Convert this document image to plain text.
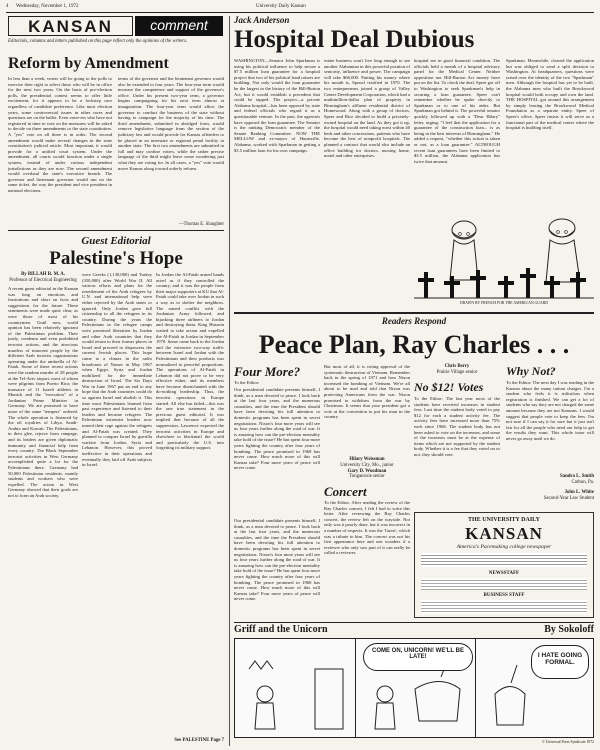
4 Wednesday, November 1, 1972	University Daily Kansan
KANSAN	comment
Editorials, columns and letters published on this page reflect only the opinions of the writers.
Reform by Amendment
In less than a week, voters will be going to the polls to exercise their right to select those who will be in office for the next two years. On the basis of pre-election polls, the presidential contest seems to offer little excitement, for it appears to be a lockstep race regardless of candidate preference. Like most election years, some controversial issues in other races and questions are on the ballot. Even voter-ers who have not registered in time to vote on the measures will be asked to decide on three amendments to the state constitution. A "yes" vote on all three is in order. The second amendment would make several changes in the state constitution's judicial article. Most important, it would provide for a unified court system. Under the amendment, all courts would function under a single system, instead of under various independent jurisdictions as they are now. The second amendment would overhaul the state's executive branch. The governor and lieutenant governor would run on the same ticket, the way the president and vice president in national elections.
terms of the governor and the lieutenant governor would also be extended to four years. The four-year term would increase the competence and support of the governor's office. Under his present two-year term, a governor begins campaigning for his next term almost at inauguration. The four-year term would allow the governor to conduct the business of the state without having to campaign for the majority of his time. The third amendment, submitted in abridged form, would remove legislative language from the section of the judiciary law and would provide for Kansas offenders to be placed in an interstate or regional penal facility in another state. The first two amendments are submitted in full and may confuse voters, while the rather precise language of the third might leave some wondering just what they are voting for. In all cases, a "yes" vote would move Kansas along toward orderly reform.
—Thomas E. Slaughter
Guest Editorial
Palestine's Hope
By BILLAH R. M. A.
Professor of Electrical Engineering
A recent guest editorial in the Kansan was long on emotions and frustrations and short on facts and suggestions for the future. These sentiments were made quite clear, as were those of most of his countrymen. Until now, world opinion has been relatively ignorant of the Palestinian problem. Their justly, condemn and even prohibited terrorist actions, and the atrocious murders of innocent people by the different Arab terrorist organizations operating under the umbrella of Al-Fatah. Some of these recent actions were the random murder of 28 people at the Tel-Aviv airport, most of whom were pilgrims from Puerto Rico; the massacre of 11 Israeli athletes in Munich and the "execution" of a Jordanian Prime Minister in Germany. We are promised to have more of the same "tempers" ordered. The whole operation is financed by the oil royalties of Libya, Saudi-Arabia and Kuwait. The Palestinians, in their glee, rejoice from rampage, and its leaders are given diplomatic immunity and financial help from every country. The Black September terrorist activities in West Germany accomplished quite a lot for the Palestinians there. Germany had 50,000 Palestinian residents, mainly students and workers who were expelled. The action in West Germany showed that their goals are not to form an Arab society.
were Greeks (1,130,000) and Turkey (350,000) after World War II. All various efforts and plans for the resettlement of the Arab refugees by U.N. and international help were either rejected by the Arab states or ignored. Only Jordan gave full citizenship to all the refugees in its country. During the years the Palestinians in the refugee camps were promised liberation by Jordan and other Arab countries that they would return to their former places in Israel and proceed to dispossess the current Jewish places. This hope came to a climax in the radio broadcasts of Nasser in May 1967 when Egypt, Syria and Jordan mobilized for the immediate destruction of Israel. The Six Days War in June 1967 put an end to any hope that the Arab countries could do so against Israel and abolish it. This time most Palestinians learned from past experience and listened to their leaders and became refugees. The Palestinian extremist leaders now turned their rage against the refugees and Al-Fatah was created. They planned to conquer Israel by guerilla warfare from Jordan, Syria and Lebanon. However, this proved ineffective in their operations and eventually they laid off Arab subjects in Israel.
In Jordan the Al-Fatah armed bands acted as if they controlled the country, and it was the people from their major supporters at KU that Al-Fatah could take over Jordan in such a way as to shelter the neighbors. The armed conflict with the Jordanian Army followed, and hijacking three airliners to Jordan and destroying them. King Hussein waited to take action and expelled the Al-Fatah in Jordan in September 1970. Some came back to the Jordan and the extensive two-way traffic between Israel and Jordan with the Palestinians and their products was normalized to peaceful proportions. The operations of Al-Fatah in Lebanon did not prove to be very effective either, and its members have become disenchanted with the do-nothing leadership. Thus, the terrorist operations in Europe started. All else has failed—this was the one true statement in the previous guest editorial. It was implied that because of all the suppression, Lawrence expected the terrorist activities in Europe and elsewhere to blackmail the world and particularly the U.S. into forgetting its military support.
See PALESTINE Page 7
Jack Anderson
Hospital Deal Dubious
WASHINGTON—Senator John Sparkman is using his political influence to help secure a $7.5 million loan guarantee for a hospital project that two of his political fund raisers are building. Not only would the loan guarantee be the largest in the history of the Hill-Burton Act, but it would establish a precedent that could be tapped. The project—a private Alabama hospital—has been opposed by state and federal officials who regard it as a questionable venture. In the past, the agencies have opposed the loan guarantee. The Senator is the ranking Democratic member of the Senate Banking Committee. NOW THE MELLOW and ex-mayor of Huntsville, Alabama, worked with Sparkman in getting a $3.5 million loan for his own campaign.
estate business won't live long enough to see another Alabamian in this powerful position of seniority, influence and power. The campaign will take $66,000. Putting his money where his mouth is, Sprawl testified in 1970. The two entrepreneurs joined a group of Valley Center Development Corporation, which had a multimillion-dollar plan of property in Birmingham's affluent residential district of Homewood. Along with a group of doctors, Speer and Rice decided to build a privately-owned hospital on the land. As they got it up, the hospital would need taking most within 40 beds and other concessions, patients who have become the best of nonprofit hospitals. The planned a contract that would also include an office building for doctors, nursing home, motel and other enterprises.
hospital are in good financial condition. The officials held a month of a hospital advisory panel for the Medical Center. Neither opposition nor Hill-Burton Act money have put on the list. To check the deal, Speer got off to Washington to seek Sparkman's help in securing a loan guarantee. Speer can't remember whether he spoke directly to Sparkman or to one of his aides. But Sparkman got behind it. The powerful senator quickly followed up with a "Dear Hilary" letter, urging, "I feel that the application for a guarantee of the construction loan... is as being in the best interests of Birmingham." He added a request, "whether this action is taken or not, as a loan guarantee." ALTHOUGH recent loan guarantees have been limited to $3.5 million, the Alabama application has twice that amount.
Sparkman. Meanwhile, cleared the application but was obliged to send a split decision to Washington. At headquarters, questions were raised over the identity of the two "Sparkman" men. Although the hospital has yet to be built, the Alabama men who built the Brookwood hospital would both occupy and own the land. THE HOSPITAL got around this arrangement by simply leasing the Brookwood Medical Foundation as a separate entity. Speer of Speer's office, Speer insists it will serve as a functional part of the medical center where the hospital is building itself.
DRAWN BY FRENCH FOR THE AMERICAN GUARD
Readers Respond
Peace Plan, Ray Charles . . .
Four More?
To the Editor:
Our presidential candidate presents himself, I think, as a man devoted to peace. I look back at the last four years, and the numerous casualties, and the time the President should have been devoting his full attention to domestic programs has been spent in secret negotiations. Nixon's four more years will see us four years further along the road of war. It is amazing how can the pre-election mentality take hold of the issue? He has spent four more years fighting the country after four years of bombing. The peace promised in 1968 has never come. How much more of this will Kansas take? Four more years of peace will never come.
But most of all, it is voting approval of the systematic destruction of Vietnam. Remember back in the spring of 1971 and how Nixon increased the bombing of Vietnam. We're all about to be mad and told that Nixon was protecting Americans from the war. Nixon promised to withdraw from the war by Christmas. It seems that your president got a vote at the convention to put his man in the country.
Hilary Weissman
University City, Mo., junior
Gary D. Woodman
Tonganoxie senior
Concert
To the Editor: After reading the review of the Ray Charles concert, I felt I had to write this letter. After reviewing the Ray Charles concert, the review left on the wayside. Not only was it poorly done, but it was incorrect in a number of respects. It was the 'Guest'; which was a tribute to him. The concert was not his first appearance here and one wonders if a reviewer who only saw part of it can really be called a reviewer.
Our presidential candidate presents himself, I think, as a man devoted to peace. I look back at the last four years, and the numerous casualties, and the time the President should have been devoting his full attention to domestic programs has been spent in secret negotiations. Nixon's four more years will see us four years further along the road of war. It is amazing how can the pre-election mentality take hold of the issue? He has spent four more years fighting the country after four years of bombing. The peace promised in 1968 has never come. How much more of this will Kansas take? Four more years of peace will never come.
Chris Berry
Prairie Village senior
No $12! Votes
To the Editor: The last year most of the students have received increases in student fees. Last time the student body voted to pay $12 for each a student activity fee. The activity fees have increased more than 75% each since 1968. The student body has not been asked to vote on the increases, and some of the increases must be at the expense of items which are not supported by the student body. Whether it is a fee that they voted on or not, they should vote.
Why Not?
To the Editor: The next day I was reading in the Kansan about the many tuition charges. I'm a student who feels it is ridiculous when registration is finished. We can get a lot of students who say they are not charged the same amount because they are not Kansans. I would suggest that people vote to keep the fees. I'm not sure if I can say it for sure but it just isn't fair for all the people who need our help to get the results they want. This whole issue will never go away until we do.
Sandra L. Smith
Carbon, Pa.
John L. White
Second-Year Law Student
THE UNIVERSITY DAILY
KANSAN
America's Pacemaking college newspaper
NEWSSTAFF
BUSINESS STAFF
Griff and the Unicorn	By Sokoloff
COME ON, UNICORN! WE'LL BE LATE!	I HATE GOING FORMAL.
© Universal Press Syndicate 1972
